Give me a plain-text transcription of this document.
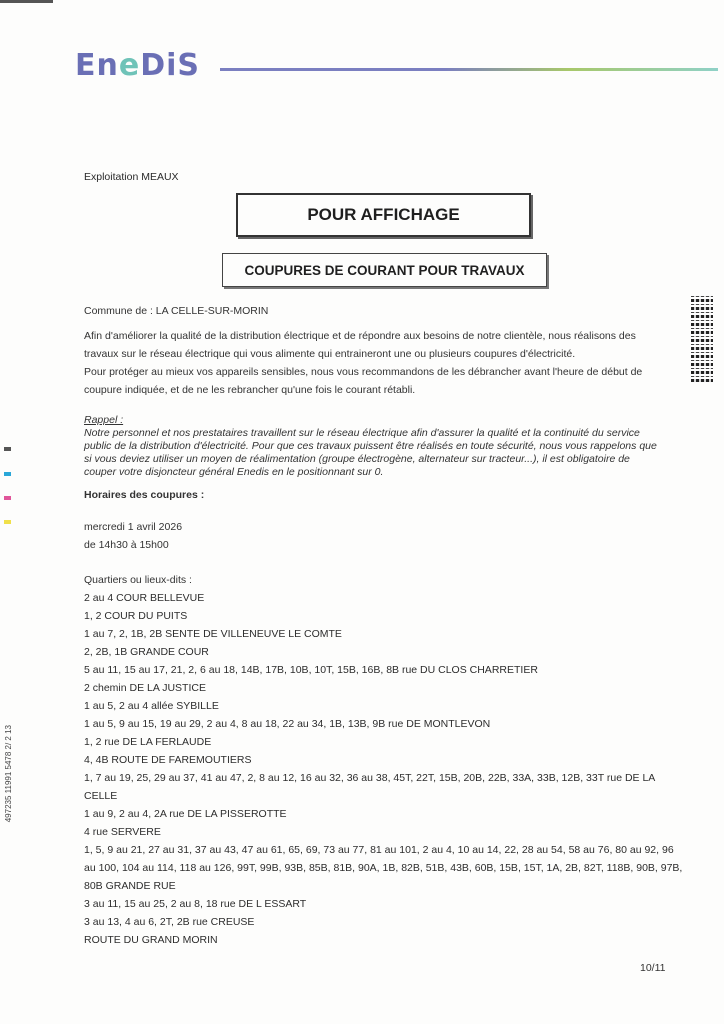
EneDiS
Exploitation MEAUX
POUR AFFICHAGE
COUPURES DE COURANT POUR TRAVAUX
Commune de : LA CELLE-SUR-MORIN
Afin d'améliorer la qualité de la distribution électrique et de répondre aux besoins de notre clientèle, nous réalisons des travaux sur le réseau électrique qui vous alimente qui entraineront une ou plusieurs coupures d'électricité.
Pour protéger au mieux vos appareils sensibles, nous vous recommandons de les débrancher avant l'heure de début de coupure indiquée, et de ne les rebrancher qu'une fois le courant rétabli.
Rappel :
Notre personnel et nos prestataires travaillent sur le réseau électrique afin d'assurer la qualité et la continuité du service public de la distribution d'électricité. Pour que ces travaux puissent être réalisés en toute sécurité, nous vous rappelons que si vous deviez utiliser un moyen de réalimentation (groupe électrogène, alternateur sur tracteur...), il est obligatoire de couper votre disjoncteur général Enedis en le positionnant sur 0.
Horaires des coupures :
mercredi 1 avril 2026
de 14h30 à 15h00
Quartiers ou lieux-dits :
2 au 4 COUR BELLEVUE
1, 2 COUR DU PUITS
1 au 7, 2, 1B, 2B SENTE DE VILLENEUVE LE COMTE
2, 2B, 1B GRANDE COUR
5 au 11, 15 au 17, 21, 2, 6 au 18, 14B, 17B, 10B, 10T, 15B, 16B, 8B rue DU CLOS CHARRETIER
2 chemin DE LA JUSTICE
1 au 5, 2 au 4 allée SYBILLE
1 au 5, 9 au 15, 19 au 29, 2 au 4, 8 au 18, 22 au 34, 1B, 13B, 9B rue DE MONTLEVON
1, 2 rue DE LA FERLAUDE
4, 4B ROUTE DE FAREMOUTIERS
1, 7 au 19, 25, 29 au 37, 41 au 47, 2, 8 au 12, 16 au 32, 36 au 38, 45T, 22T, 15B, 20B, 22B, 33A, 33B, 12B, 33T rue DE LA CELLE
1 au 9, 2 au 4, 2A rue DE LA PISSEROTTE
4 rue SERVERE
1, 5, 9 au 21, 27 au 31, 37 au 43, 47 au 61, 65, 69, 73 au 77, 81 au 101, 2 au 4, 10 au 14, 22, 28 au 54, 58 au 76, 80 au 92, 96 au 100, 104 au 114, 118 au 126, 99T, 99B, 93B, 85B, 81B, 90A, 1B, 82B, 51B, 43B, 60B, 15B, 15T, 1A, 2B, 82T, 118B, 90B, 97B, 80B GRANDE RUE
3 au 11, 15 au 25, 2 au 8, 18 rue DE L ESSART
3 au 13, 4 au 6, 2T, 2B rue CREUSE
ROUTE DU GRAND MORIN
497235 11991 5478 2/ 2 13
10/11
